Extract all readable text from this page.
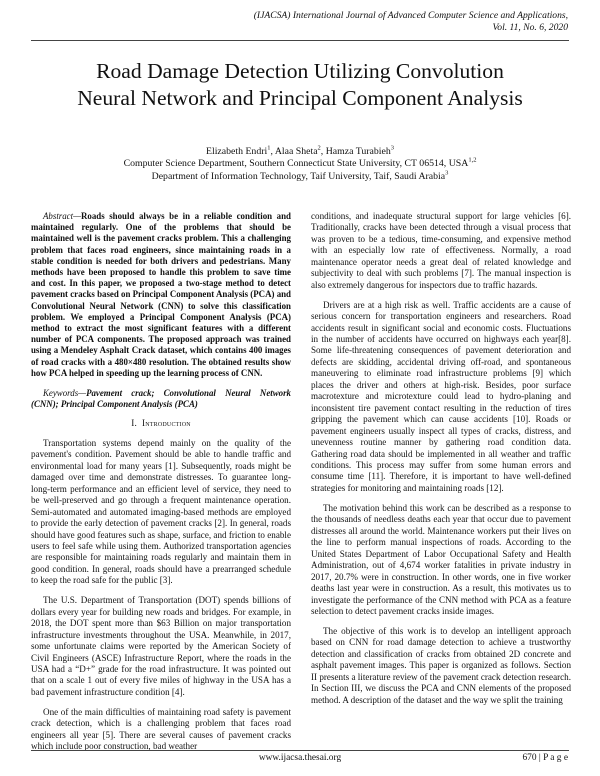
(IJACSA) International Journal of Advanced Computer Science and Applications,
Vol. 11, No. 6, 2020
Road Damage Detection Utilizing Convolution
Neural Network and Principal Component Analysis
Elizabeth Endri$^1$, Alaa Sheta$^2$, Hamza Turabieh$^3$
Computer Science Department, Southern Connecticut State University, CT 06514, USA$^{1,2}$
Department of Information Technology, Taif University, Taif, Saudi Arabia$^3$

Abstract—Roads should always be in a reliable condition and maintained regularly. One of the problems that should be maintained well is the pavement cracks problem. This a challenging problem that faces road engineers, since maintaining roads in a stable condition is needed for both drivers and pedestrians. Many methods have been proposed to handle this problem to save time and cost. In this paper, we proposed a two-stage method to detect pavement cracks based on Principal Component Analysis (PCA) and Convolutional Neural Network (CNN) to solve this classification problem. We employed a Principal Component Analysis (PCA) method to extract the most significant features with a different number of PCA components. The proposed approach was trained using a Mendeley Asphalt Crack dataset, which contains 400 images of road cracks with a 480×480 resolution. The obtained results show how PCA helped in speeding up the learning process of CNN.

Keywords—Pavement crack; Convolutional Neural Network (CNN); Principal Component Analysis (PCA)

I. Introduction

Transportation systems depend mainly on the quality of the pavement's condition. Pavement should be able to handle traffic and environmental load for many years [1]. Subsequently, roads might be damaged over time and demonstrate distresses. To guarantee long-long-term performance and an efficient level of service, they need to be well-preserved and go through a frequent maintenance operation. Semi-automated and automated imaging-based methods are employed to provide the early detection of pavement cracks [2]. In general, roads should have good features such as shape, surface, and friction to enable users to feel safe while using them. Authorized transportation agencies are responsible for maintaining roads regularly and maintain them in good condition. In general, roads should have a prearranged schedule to keep the road safe for the public [3].

The U.S. Department of Transportation (DOT) spends billions of dollars every year for building new roads and bridges. For example, in 2018, the DOT spent more than $63 Billion on major transportation infrastructure investments throughout the USA. Meanwhile, in 2017, some unfortunate claims were reported by the American Society of Civil Engineers (ASCE) Infrastructure Report, where the roads in the USA had a “D+” grade for the road infrastructure. It was pointed out that on a scale 1 out of every five miles of highway in the USA has a bad pavement infrastructure condition [4].

One of the main difficulties of maintaining road safety is pavement crack detection, which is a challenging problem that faces road engineers all year [5]. There are several causes of pavement cracks which include poor construction, bad weather

conditions, and inadequate structural support for large vehicles [6]. Traditionally, cracks have been detected through a visual process that was proven to be a tedious, time-consuming, and expensive method with an especially low rate of effectiveness. Normally, a road maintenance operator needs a great deal of related knowledge and subjectivity to deal with such problems [7]. The manual inspection is also extremely dangerous for inspectors due to traffic hazards.

Drivers are at a high risk as well. Traffic accidents are a cause of serious concern for transportation engineers and researchers. Road accidents result in significant social and economic costs. Fluctuations in the number of accidents have occurred on highways each year[8]. Some life-threatening consequences of pavement deterioration and defects are skidding, accidental driving off-road, and spontaneous maneuvering to eliminate road infrastructure problems [9] which places the driver and others at high-risk. Besides, poor surface macrotexture and microtexture could lead to hydro-planing and inconsistent tire pavement contact resulting in the reduction of tires gripping the pavement which can cause accidents [10]. Roads or pavement engineers usually inspect all types of cracks, distress, and unevenness routine manner by gathering road condition data. Gathering road data should be implemented in all weather and traffic conditions. This process may suffer from some human errors and consume time [11]. Therefore, it is important to have well-defined strategies for monitoring and maintaining roads [12].

The motivation behind this work can be described as a response to the thousands of needless deaths each year that occur due to pavement distresses all around the world. Maintenance workers put their lives on the line to perform manual inspections of roads. According to the United States Department of Labor Occupational Safety and Health Administration, out of 4,674 worker fatalities in private industry in 2017, 20.7% were in construction. In other words, one in five worker deaths last year were in construction. As a result, this motivates us to investigate the performance of the CNN method with PCA as a feature selection to detect pavement cracks inside images.

The objective of this work is to develop an intelligent approach based on CNN for road damage detection to achieve a trustworthy detection and classification of cracks from obtained 2D concrete and asphalt pavement images. This paper is organized as follows. Section II presents a literature review of the pavement crack detection research. In Section III, we discuss the PCA and CNN elements of the proposed method. A description of the dataset and the way we split the training

www.ijacsa.thesai.org	670 | P a g e
